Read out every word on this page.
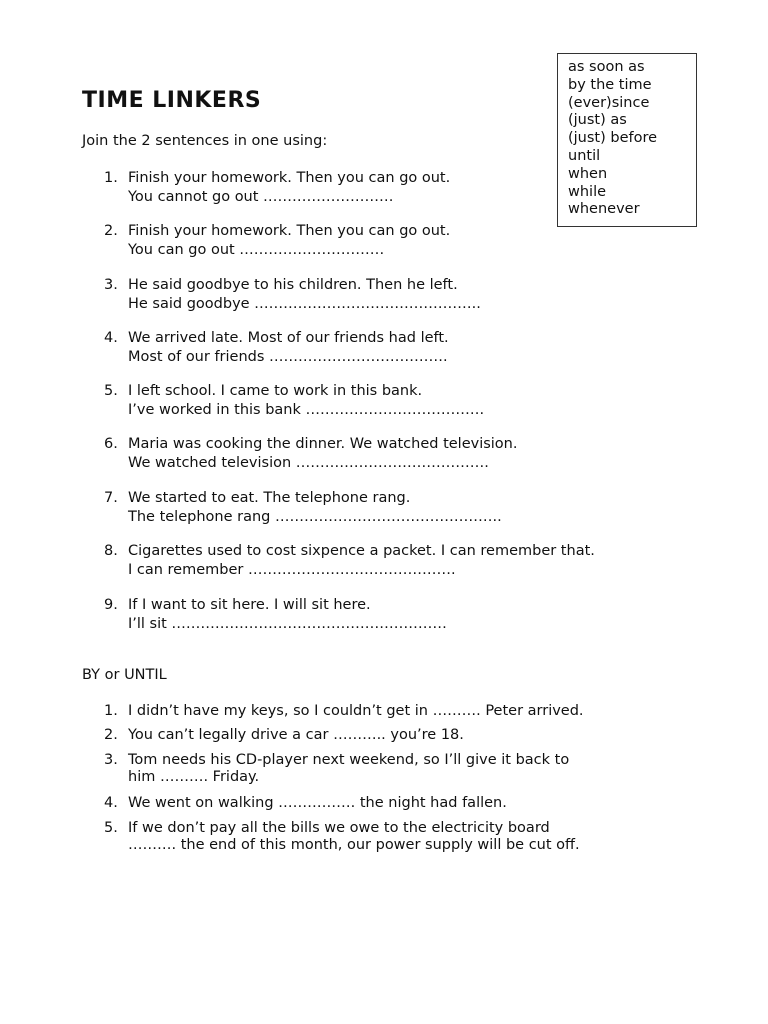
TIME LINKERS
Join the 2 sentences in one using:
as soon as
by the time
(ever)since
(just) as
(just) before
until
when
while
whenever
1. Finish your homework. Then you can go out.
You cannot go out ………………………
2. Finish your homework. Then you can go out.
You can go out …………………………
3. He said goodbye to his children. Then he left.
He said goodbye ………………………………………..
4. We arrived late. Most of our friends had left.
Most of our friends ……………………………….
5. I left school. I came to work in this bank.
I’ve worked in this bank ……………………………….
6. Maria was cooking the dinner. We watched television.
We watched television ………………………………….
7. We started to eat. The telephone rang.
The telephone rang ………………………………………..
8. Cigarettes used to cost sixpence a packet. I can remember that.
I can remember …………………………………….
9. If I want to sit here. I will sit here.
I’ll sit …………………………………………………
BY or UNTIL
1. I didn’t have my keys, so I couldn’t get in ………. Peter arrived.
2. You can’t legally drive a car ……….. you’re 18.
3. Tom needs his CD-player next weekend, so I’ll give it back to
him ………. Friday.
4. We went on walking ……………. the night had fallen.
5. If we don’t pay all the bills we owe to the electricity board
………. the end of this month, our power supply will be cut off.
